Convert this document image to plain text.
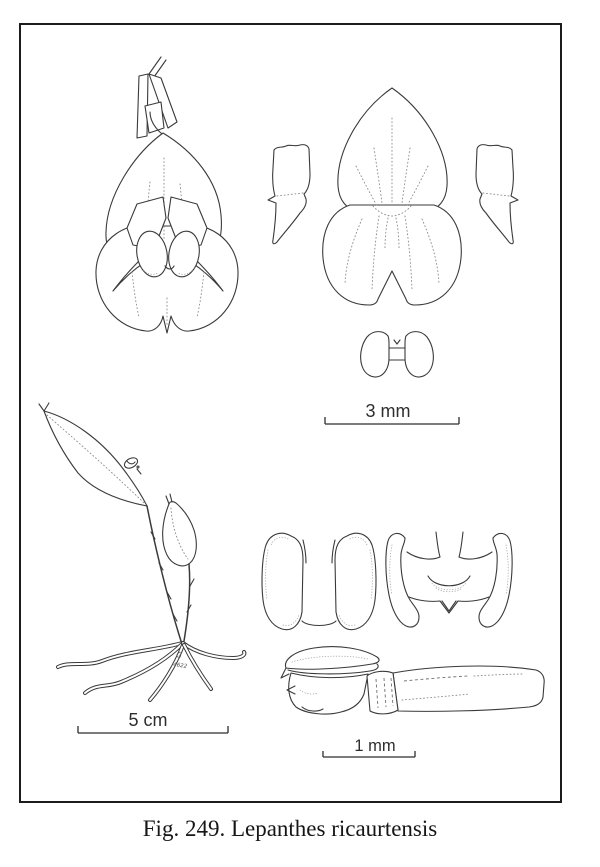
3 mm
G
4622
5 cm
1 mm
Fig. 249. Lepanthes ricaurtensis
